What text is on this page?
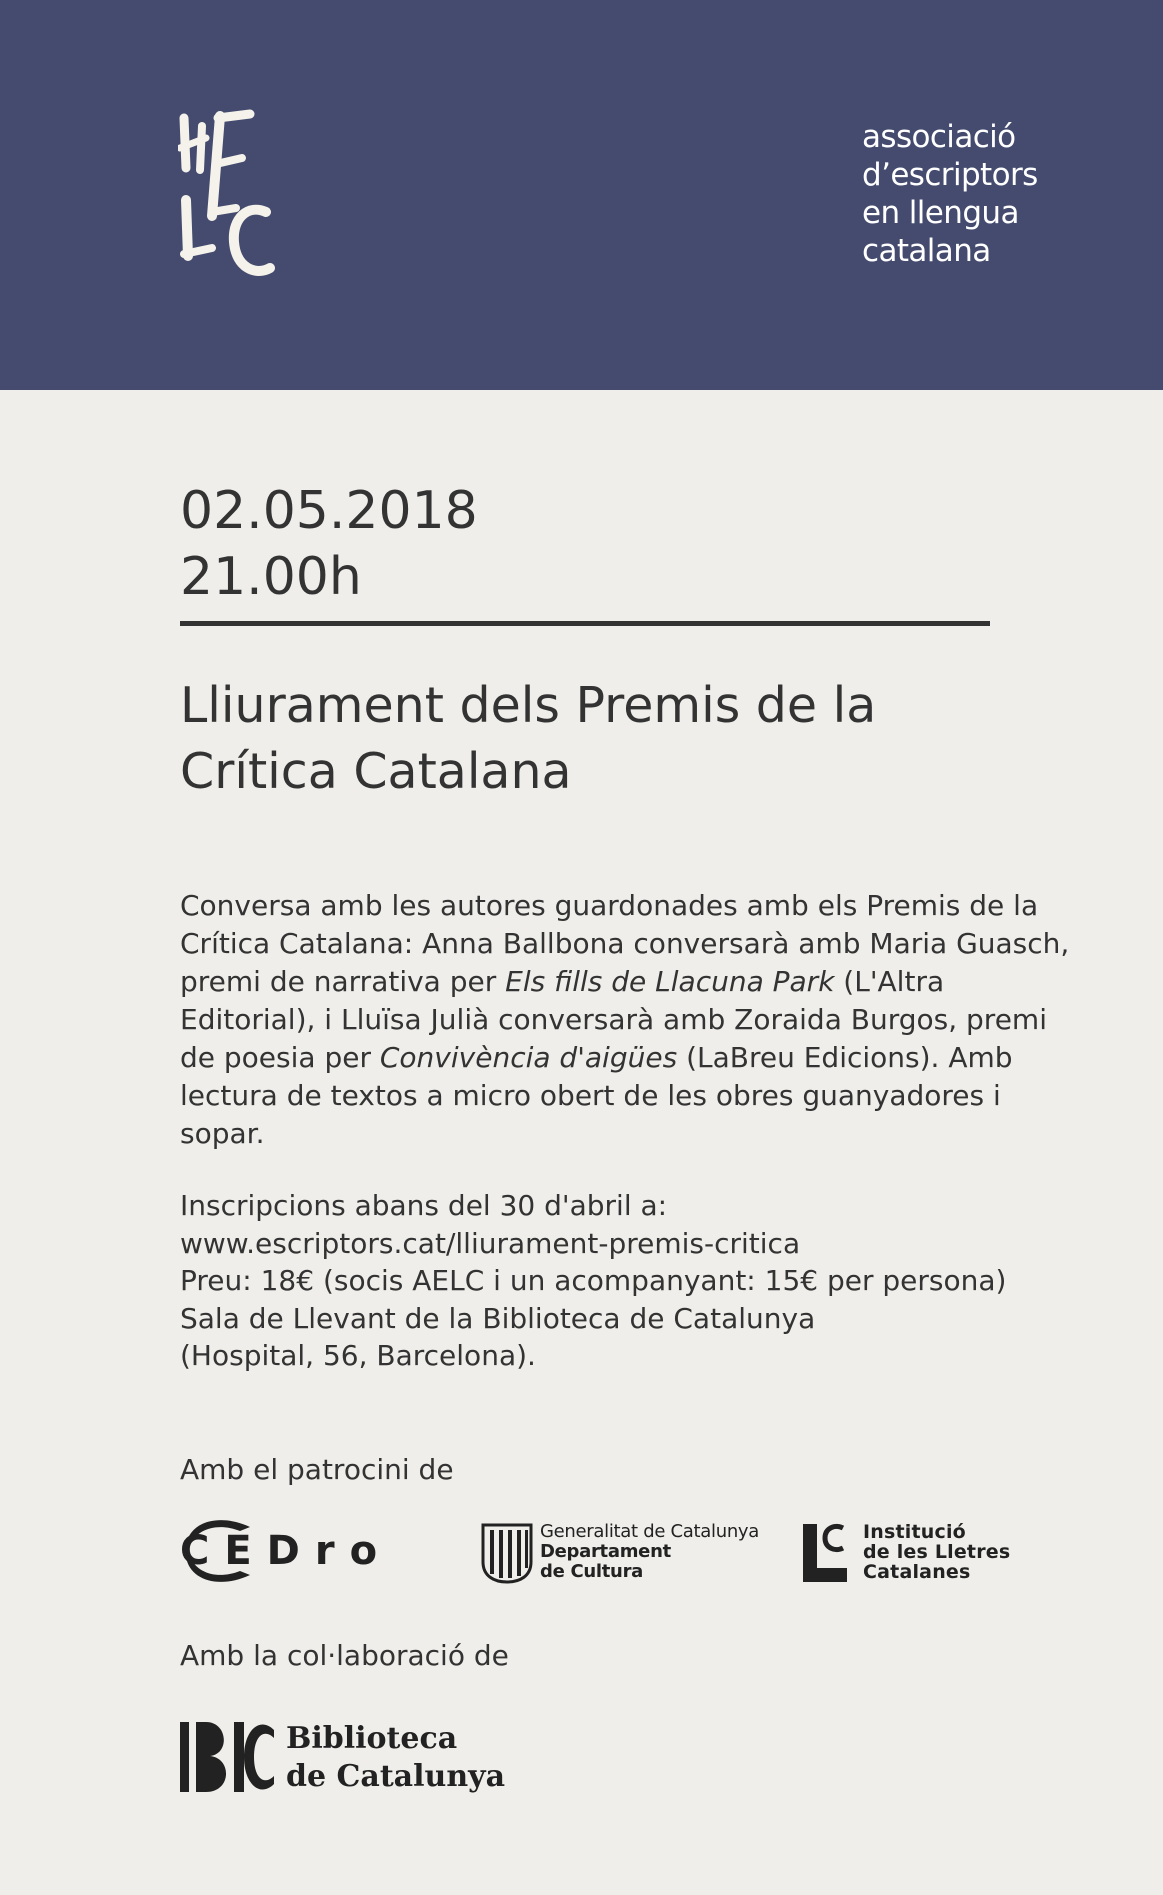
associació
d’escriptors
en llengua
catalana
02.05.2018
21.00h
Lliurament dels Premis de la
Crítica Catalana

Conversa amb les autores guardonades amb els Premis de la Crítica Catalana: Anna Ballbona conversarà amb Maria Guasch, premi de narrativa per Els fills de Llacuna Park (L'Altra Editorial), i Lluïsa Julià conversarà amb Zoraida Burgos, premi de poesia per Convivència d'aigües (LaBreu Edicions). Amb lectura de textos a micro obert de les obres guanyadores i sopar.

Inscripcions abans del 30 d'abril a:
www.escriptors.cat/lliurament-premis-critica
Preu: 18€ (socis AELC i un acompanyant: 15€ per persona)
Sala de Llevant de la Biblioteca de Catalunya
(Hospital, 56, Barcelona).
Amb el patrocini de
CEDro	Generalitat de Catalunya
Departament
de Cultura
Institució
de les Lletres
Catalanes
Amb la col·laboració de
Biblioteca
de Catalunya
